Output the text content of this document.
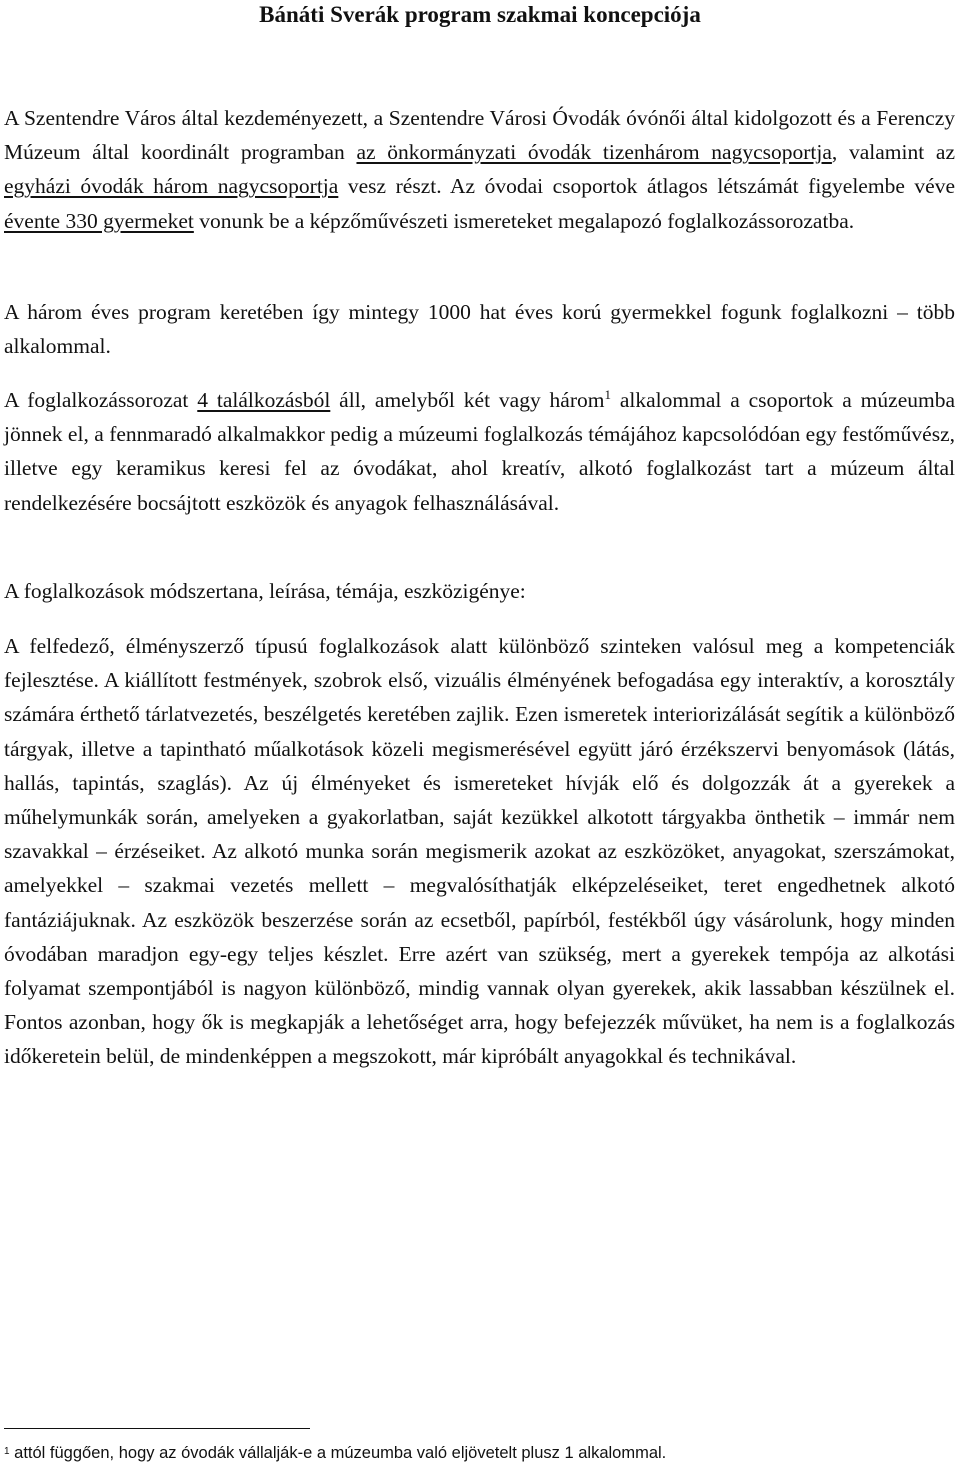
Bánáti Sverák program szakmai koncepciója

A Szentendre Város által kezdeményezett, a Szentendre Városi Óvodák óvónői által kidolgozott és a Ferenczy Múzeum által koordinált programban az önkormányzati óvodák tizenhárom nagycsoportja, valamint az egyházi óvodák három nagycsoportja vesz részt. Az óvodai csoportok átlagos létszámát figyelembe véve évente 330 gyermeket vonunk be a képzőművészeti ismereteket megalapozó foglalkozássorozatba.

A három éves program keretében így mintegy 1000 hat éves korú gyermekkel fogunk foglalkozni – több alkalommal.

A foglalkozássorozat 4 találkozásból áll, amelyből két vagy három$^1$ alkalommal a csoportok a múzeumba jönnek el, a fennmaradó alkalmakkor pedig a múzeumi foglalkozás témájához kapcsolódóan egy festőművész, illetve egy keramikus keresi fel az óvodákat, ahol kreatív, alkotó foglalkozást tart a múzeum által rendelkezésére bocsájtott eszközök és anyagok felhasználásával.

A foglalkozások módszertana, leírása, témája, eszközigénye:

A felfedező, élményszerző típusú foglalkozások alatt különböző szinteken valósul meg a kompetenciák fejlesztése. A kiállított festmények, szobrok első, vizuális élményének befogadása egy interaktív, a korosztály számára érthető tárlatvezetés, beszélgetés keretében zajlik. Ezen ismeretek interiorizálását segítik a különböző tárgyak, illetve a tapintható műalkotások közeli megismerésével együtt járó érzékszervi benyomások (látás, hallás, tapintás, szaglás). Az új élményeket és ismereteket hívják elő és dolgozzák át a gyerekek a műhelymunkák során, amelyeken a gyakorlatban, saját kezükkel alkotott tárgyakba önthetik – immár nem szavakkal – érzéseiket. Az alkotó munka során megismerik azokat az eszközöket, anyagokat, szerszámokat, amelyekkel – szakmai vezetés mellett – megvalósíthatják elképzeléseiket, teret engedhetnek alkotó fantáziájuknak. Az eszközök beszerzése során az ecsetből, papírból, festékből úgy vásárolunk, hogy minden óvodában maradjon egy-egy teljes készlet. Erre azért van szükség, mert a gyerekek tempója az alkotási folyamat szempontjából is nagyon különböző, mindig vannak olyan gyerekek, akik lassabban készülnek el. Fontos azonban, hogy ők is megkapják a lehetőséget arra, hogy befejezzék művüket, ha nem is a foglalkozás időkeretein belül, de mindenképpen a megszokott, már kipróbált anyagokkal és technikával.

$^1$ attól függően, hogy az óvodák vállalják-e a múzeumba való eljövetelt plusz 1 alkalommal.
